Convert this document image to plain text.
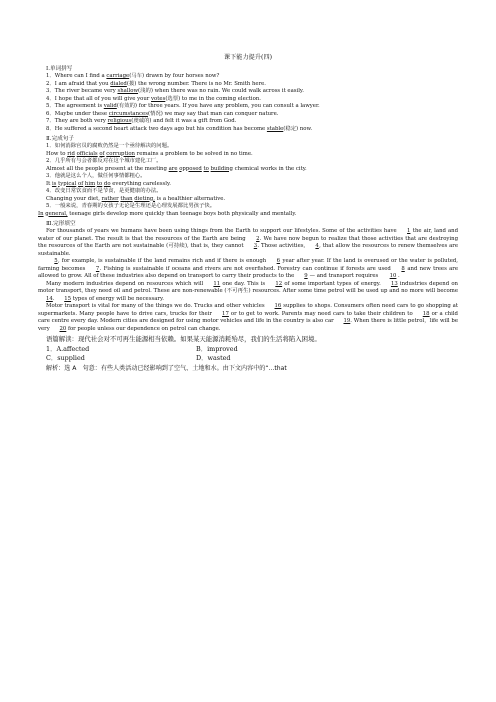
课下能力提升(四)
Ⅰ.单词拼写
1．Where can I find a carriage(马车) drawn by four horses now?
2．I am afraid that you dialed(拨) the wrong number. There is no Mr. Smith here.
3．The river became very shallow(浅的) when there was no rain. We could walk across it easily.
4．I hope that all of you will give your votes(选票) to me in the coming election.
5．The agreement is valid(有效的) for three years. If you have any problem, you can consult a lawyer.
6．Maybe under these circumstances(情况) we may say that man can conquer nature.
7．They are both very religious(虔诚的) and felt it was a gift from God.
8．He suffered a second heart attack two days ago but his condition has become stable(稳定) now.
Ⅱ.完成句子
1．如何消除官员的腐败仍然是一个亟待解决的问题。
How to rid officials of corruption remains a problem to be solved in no time.
2．几乎所有与会者都反对在这个城市建化工厂。
Almost all the people present at the meeting are opposed to building chemical works in the city.
3．他就是这么个人，做任何事情都粗心。
It is typical of him to do everything carelessly.
4．改变日常饮食而不是节食，是更健康的办法。
Changing your diet, rather than dieting, is a healthier alternative.
5．一般来说，青春期的女孩子无论是生理还是心理发展都比男孩子快。
In general, teenage girls develop more quickly than teenage boys both physically and mentally.
Ⅲ.完形填空
For thousands of years we humans have been using things from the Earth to support our lifestyles. Some of the activities have 1 the air, land and water of our planet. The result is that the resources of the Earth are being 2. We have now begun to realize that those activities that are destroying the resources of the Earth are not sustainable (可持续), that is, they cannot 3. Those activities, 4, that allow the resources to renew themselves are sustainable.
5, for example, is sustainable if the land remains rich and if there is enough 6 year after year. If the land is overused or the water is polluted, farming becomes 7. Fishing is sustainable if oceans and rivers are not overfished. Forestry can continue if forests are used 8 and new trees are allowed to grow. All of these industries also depend on transport to carry their products to the 9 — and transport requires 10 .
Many modern industries depend on resources which will 11 one day. This is 12 of some important types of energy. 13 industries depend on motor transport, they need oil and petrol. These are non-renewable (不可再生) resources. After some time petrol will be used up and no more will become 14. 15 types of energy will be necessary.
Motor transport is vital for many of the things we do. Trucks and other vehicles 16 supplies to shops. Consumers often need cars to go shopping at supermarkets. Many people have to drive cars, trucks for their 17 or to get to work. Parents may need cars to take their children to 18 or a child care centre every day. Modern cities are designed for using motor vehicles and life in the country is also car 19. When there is little petrol，life will be very 20 for people unless our dependence on petrol can change.
语篇解读：现代社会对不可再生能源相当依赖。如果某天能源消耗殆尽，我们的生活将陷入困境。
1．A.affected	B．improved
C．supplied	D．wasted
解析：选 A　句意：有些人类活动已经影响到了空气、土地和水。由下文内容中的“...that
